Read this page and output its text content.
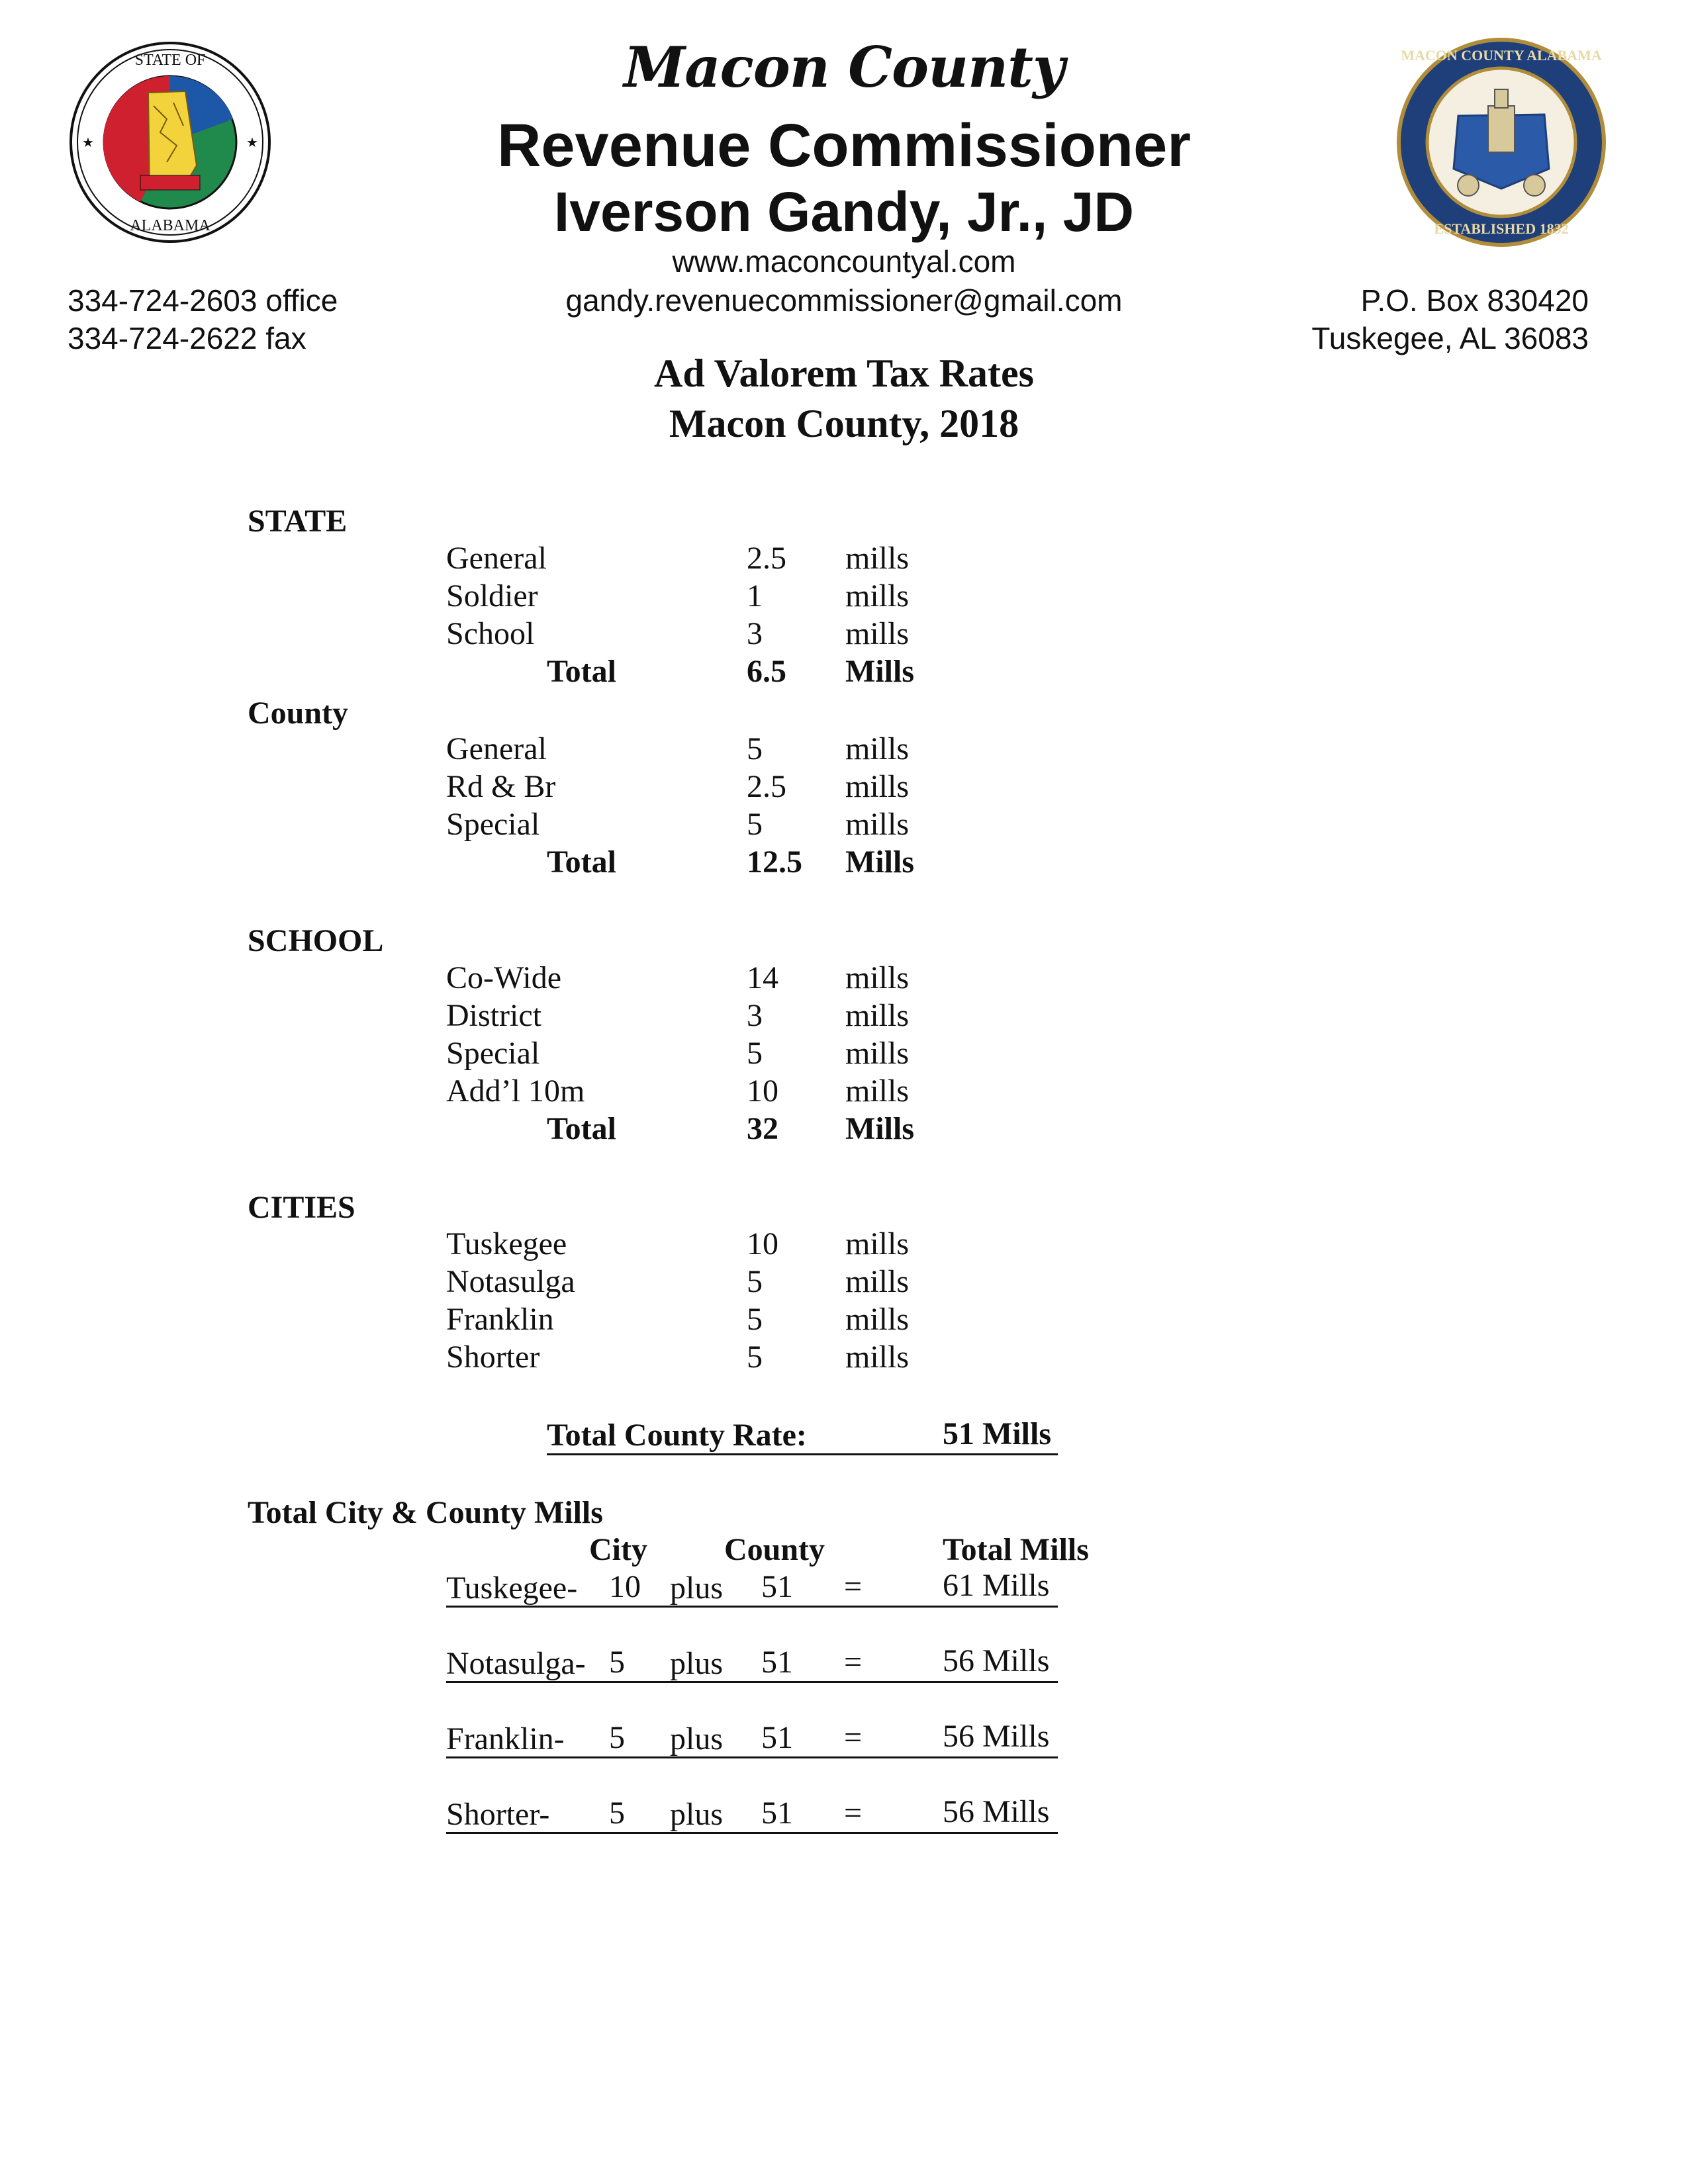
STATE OF
ALABAMA
★	★
MACON COUNTY ALABAMA
ESTABLISHED 1832
Macon County
Revenue Commissioner
Iverson Gandy, Jr., JD
www.maconcountyal.com
gandy.revenuecommissioner@gmail.com
334-724-2603 office
334-724-2622 fax
P.O. Box 830420
Tuskegee, AL 36083
Ad Valorem Tax Rates
Macon County, 2018
STATE
General	2.5 mills
Soldier	1	mills
School	3	mills
Total	6.5 Mills
County
General	5	mills
Rd & Br	2.5 mills
Special	5	mills
Total	12.5 Mills
SCHOOL
Co-Wide	14 mills
District	3	mills
Special	5	mills
Add’l 10m	10 mills
Total	32 Mills
CITIES
Tuskegee	10 mills
Notasulga	5	mills
Franklin	5	mills
Shorter	5	mills
Total County Rate:	51 Mills
Total City & County Mills
City County	Total Mills
Tuskegee- 10 plus 51 =	61 Mills
Notasulga- 5 plus 51 =	56 Mills
Franklin- 5 plus 51 =	56 Mills
Shorter- 5 plus 51 =	56 Mills
